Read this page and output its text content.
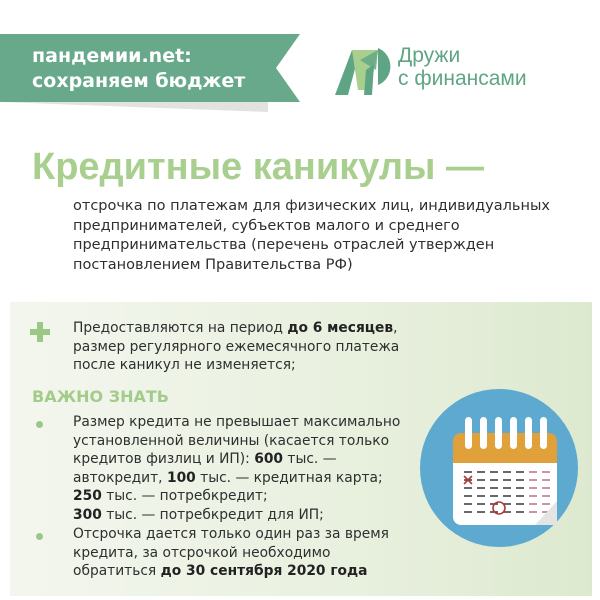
пандемии.net:
сохраняем бюджет
Дружи
с финансами
Кредитные каникулы —
отсрочка по платежам для физических лиц, индивидуальных предпринимателей, субъектов малого и среднего предпринимательства (перечень отраслей утвержден постановлением Правительства РФ)
Предоставляются на период до 6 месяцев, размер регулярного ежемесячного платежа после каникул не изменяется;
ВАЖНО ЗНАТЬ
Размер кредита не превышает максимально установленной величины (касается только кредитов физлиц и ИП): 600 тыс. — автокредит, 100 тыс. — кредитная карта;
250 тыс. — потребкредит;
300 тыс. — потребкредит для ИП;
Отсрочка дается только один раз за время кредита, за отсрочкой необходимо обратиться до 30 сентября 2020 года
